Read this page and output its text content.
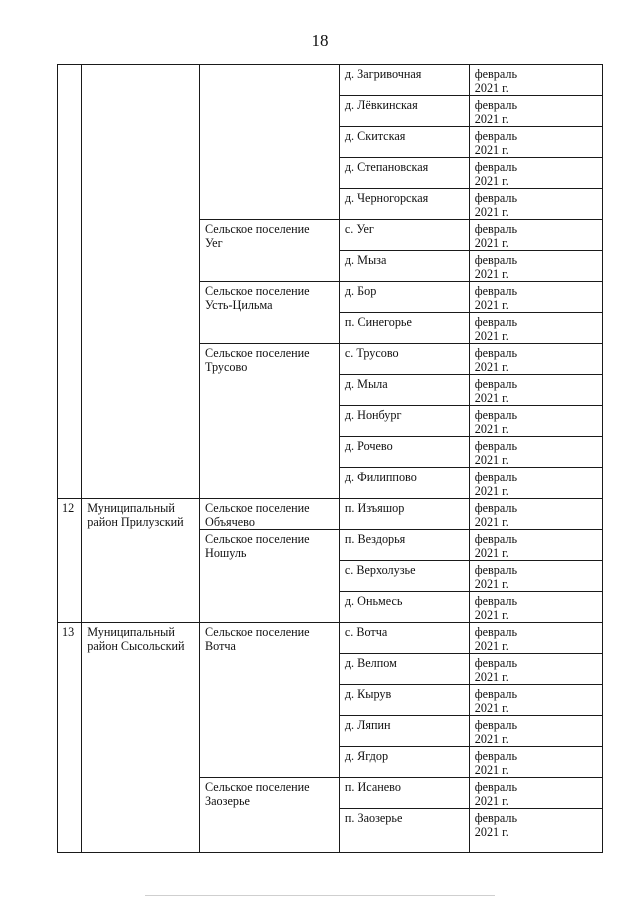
18

			д. Загривочная	февраль
2021 г.

			д. Лёвкинская	февраль
2021 г.

			д. Скитская	февраль
2021 г.

			д. Степановская	февраль
2021 г.

			д. Черногорская	февраль
2021 г.

		Сельское поселение
Уег	с. Уег	февраль
2021 г.

			д. Мыза	февраль
2021 г.

		Сельское поселение
Усть-Цильма	д. Бор	февраль
2021 г.

			п. Синегорье	февраль
2021 г.

		Сельское поселение
Трусово	с. Трусово	февраль
2021 г.

			д. Мыла	февраль
2021 г.

			д. Нонбург	февраль
2021 г.

			д. Рочево	февраль
2021 г.

			д. Филиппово	февраль
2021 г.

12	Муниципальный
район Прилузский	Сельское поселение
Объячево	п. Изъяшор	февраль
2021 г.

		Сельское поселение
Ношуль	п. Вездорья	февраль
2021 г.

			с. Верхолузье	февраль
2021 г.

			д. Оньмесь	февраль
2021 г.

13	Муниципальный
район Сысольский	Сельское поселение
Вотча	с. Вотча	февраль
2021 г.

			д. Велпом	февраль
2021 г.

			д. Кырув	февраль
2021 г.

			д. Ляпин	февраль
2021 г.

			д. Ягдор	февраль
2021 г.

		Сельское поселение
Заозерье	п. Исанево	февраль
2021 г.

			п. Заозерье	февраль
2021 г.
